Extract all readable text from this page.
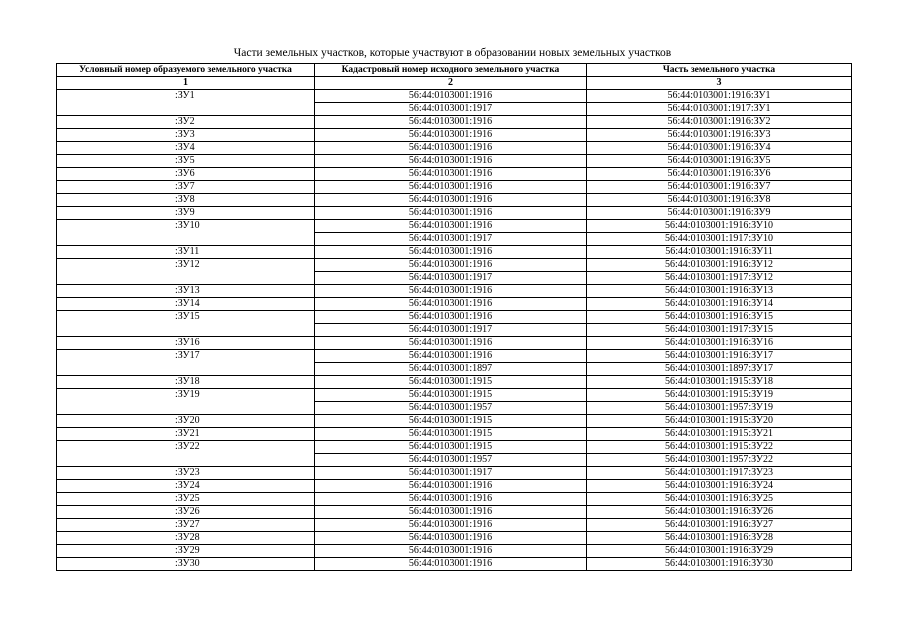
Части земельных участков, которые участвуют в образовании новых земельных участков
Условный номер образуемого земельного участка	Кадастровый номер исходного земельного участка	Часть земельного участка
1	2	3
:ЗУ1	56:44:0103001:1916	56:44:0103001:1916:ЗУ1
	56:44:0103001:1917	56:44:0103001:1917:ЗУ1
:ЗУ2	56:44:0103001:1916	56:44:0103001:1916:ЗУ2
:ЗУ3	56:44:0103001:1916	56:44:0103001:1916:ЗУ3
:ЗУ4	56:44:0103001:1916	56:44:0103001:1916:ЗУ4
:ЗУ5	56:44:0103001:1916	56:44:0103001:1916:ЗУ5
:ЗУ6	56:44:0103001:1916	56:44:0103001:1916:ЗУ6
:ЗУ7	56:44:0103001:1916	56:44:0103001:1916:ЗУ7
:ЗУ8	56:44:0103001:1916	56:44:0103001:1916:ЗУ8
:ЗУ9	56:44:0103001:1916	56:44:0103001:1916:ЗУ9
:ЗУ10	56:44:0103001:1916	56:44:0103001:1916:ЗУ10
	56:44:0103001:1917	56:44:0103001:1917:ЗУ10
:ЗУ11	56:44:0103001:1916	56:44:0103001:1916:ЗУ11
:ЗУ12	56:44:0103001:1916	56:44:0103001:1916:ЗУ12
	56:44:0103001:1917	56:44:0103001:1917:ЗУ12
:ЗУ13	56:44:0103001:1916	56:44:0103001:1916:ЗУ13
:ЗУ14	56:44:0103001:1916	56:44:0103001:1916:ЗУ14
:ЗУ15	56:44:0103001:1916	56:44:0103001:1916:ЗУ15
	56:44:0103001:1917	56:44:0103001:1917:ЗУ15
:ЗУ16	56:44:0103001:1916	56:44:0103001:1916:ЗУ16
:ЗУ17	56:44:0103001:1916	56:44:0103001:1916:ЗУ17
	56:44:0103001:1897	56:44:0103001:1897:ЗУ17
:ЗУ18	56:44:0103001:1915	56:44:0103001:1915:ЗУ18
:ЗУ19	56:44:0103001:1915	56:44:0103001:1915:ЗУ19
	56:44:0103001:1957	56:44:0103001:1957:ЗУ19
:ЗУ20	56:44:0103001:1915	56:44:0103001:1915:ЗУ20
:ЗУ21	56:44:0103001:1915	56:44:0103001:1915:ЗУ21
:ЗУ22	56:44:0103001:1915	56:44:0103001:1915:ЗУ22
	56:44:0103001:1957	56:44:0103001:1957:ЗУ22
:ЗУ23	56:44:0103001:1917	56:44:0103001:1917:ЗУ23
:ЗУ24	56:44:0103001:1916	56:44:0103001:1916:ЗУ24
:ЗУ25	56:44:0103001:1916	56:44:0103001:1916:ЗУ25
:ЗУ26	56:44:0103001:1916	56:44:0103001:1916:ЗУ26
:ЗУ27	56:44:0103001:1916	56:44:0103001:1916:ЗУ27
:ЗУ28	56:44:0103001:1916	56:44:0103001:1916:ЗУ28
:ЗУ29	56:44:0103001:1916	56:44:0103001:1916:ЗУ29
:ЗУ30	56:44:0103001:1916	56:44:0103001:1916:ЗУ30
